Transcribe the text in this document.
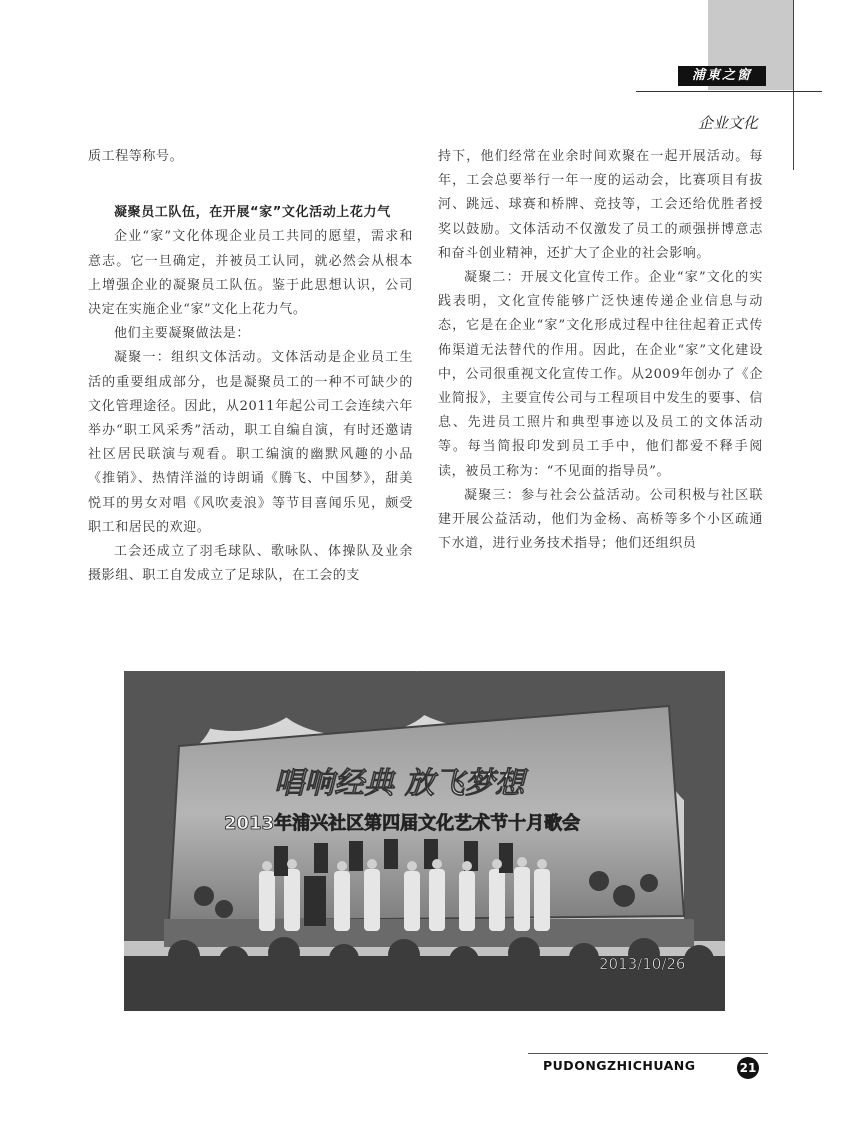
浦東之窗
企业文化

质工程等称号。

凝聚员工队伍，在开展“家”文化活动上花力气

企业“家”文化体现企业员工共同的愿望，需求和意志。它一旦确定，并被员工认同，就必然会从根本上增强企业的凝聚员工队伍。鉴于此思想认识，公司决定在实施企业“家”文化上花力气。

他们主要凝聚做法是：

凝聚一：组织文体活动。文体活动是企业员工生活的重要组成部分，也是凝聚员工的一种不可缺少的文化管理途径。因此，从2011年起公司工会连续六年举办“职工风采秀”活动，职工自编自演，有时还邀请社区居民联演与观看。职工编演的幽默风趣的小品《推销》、热情洋溢的诗朗诵《腾飞、中国梦》，甜美悦耳的男女对唱《风吹麦浪》等节目喜闻乐见，颇受职工和居民的欢迎。

工会还成立了羽毛球队、歌咏队、体操队及业余摄影组、职工自发成立了足球队，在工会的支

持下，他们经常在业余时间欢聚在一起开展活动。每年，工会总要举行一年一度的运动会，比赛项目有拔河、跳远、球赛和桥牌、竞技等，工会还给优胜者授奖以鼓励。文体活动不仅激发了员工的顽强拼博意志和奋斗创业精神，还扩大了企业的社会影响。

凝聚二：开展文化宣传工作。企业“家”文化的实践表明，文化宣传能够广泛快速传递企业信息与动态，它是在企业“家”文化形成过程中往往起着正式传佈渠道无法替代的作用。因此，在企业“家”文化建设中，公司很重视文化宣传工作。从2009年创办了《企业简报》，主要宣传公司与工程项目中发生的要事、信息、先进员工照片和典型事迹以及员工的文体活动等。每当简报印发到员工手中，他们都爱不释手阅读，被员工称为：“不见面的指导员”。

凝聚三：参与社会公益活动。公司积极与社区联建开展公益活动，他们为金杨、高桥等多个小区疏通下水道，进行业务技术指导；他们还组织员

唱响经典 放飞梦想
2013年浦兴社区第四届文化艺术节十月歌会
2013/10/26
PUDONGZHICHUANG	21
